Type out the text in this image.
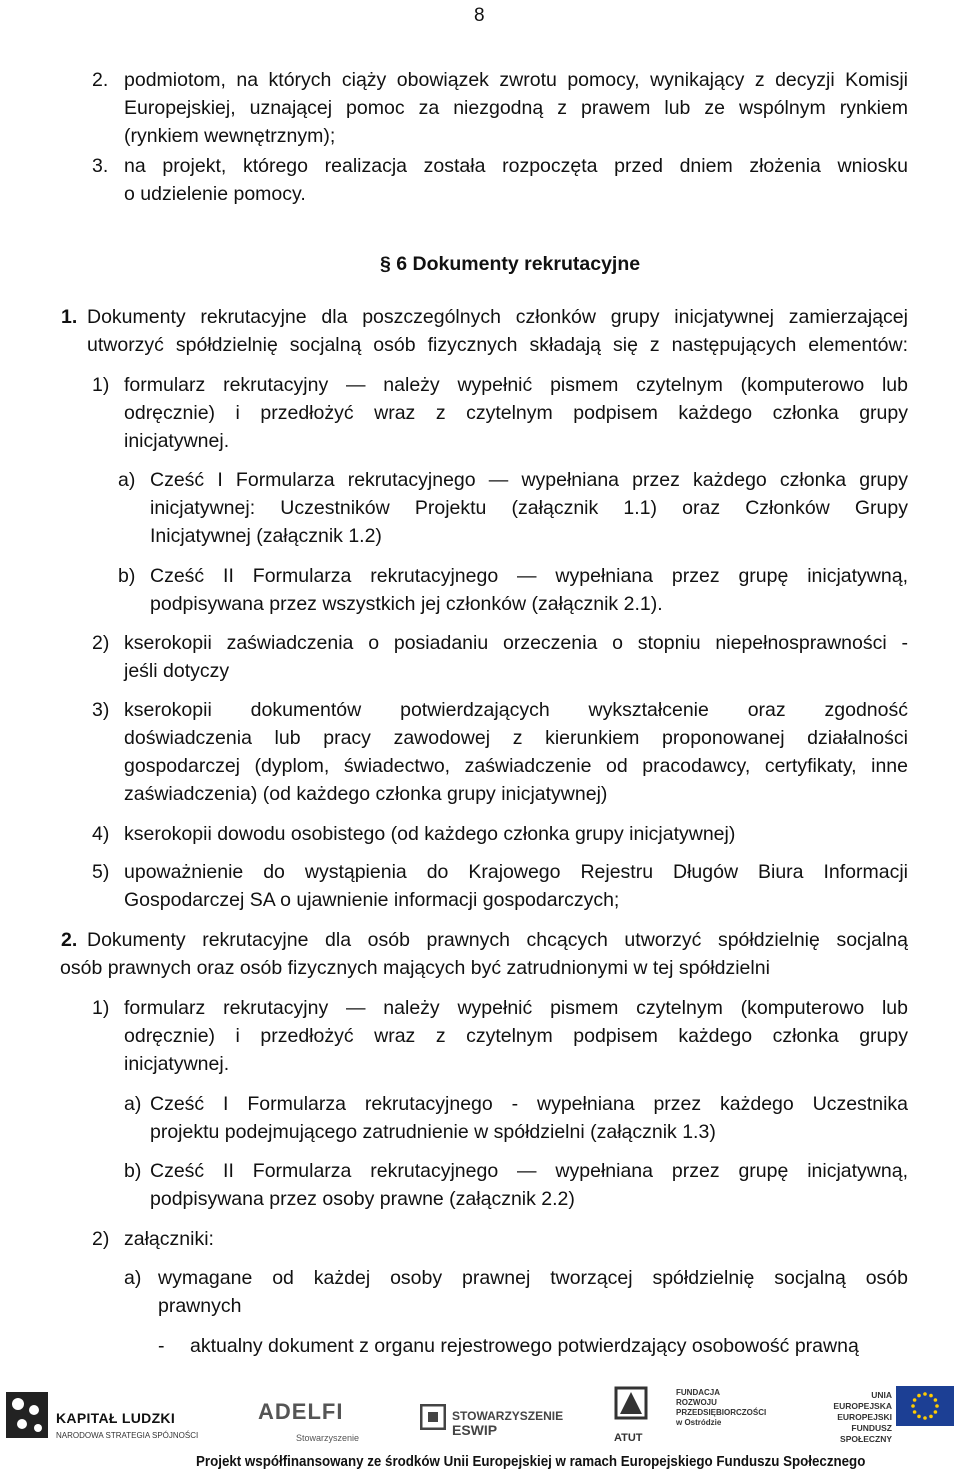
8
2. podmiotom, na których ciąży obowiązek zwrotu pomocy, wynikający z decyzji Komisji
Europejskiej, uznającej pomoc za niezgodną z prawem lub ze wspólnym rynkiem
(rynkiem wewnętrznym);
3. na projekt, którego realizacja została rozpoczęta przed dniem złożenia wniosku
o udzielenie pomocy.
§ 6 Dokumenty rekrutacyjne
1. Dokumenty rekrutacyjne dla poszczególnych członków grupy inicjatywnej zamierzającej
utworzyć spółdzielnię socjalną osób fizycznych składają się z następujących elementów:
1) formularz rekrutacyjny — należy wypełnić pismem czytelnym (komputerowo lub
odręcznie) i przedłożyć wraz z czytelnym podpisem każdego członka grupy
inicjatywnej.
a) Cześć I Formularza rekrutacyjnego — wypełniana przez każdego członka grupy
inicjatywnej: Uczestników Projektu (załącznik 1.1) oraz Członków Grupy
Inicjatywnej (załącznik 1.2)
b) Cześć II Formularza rekrutacyjnego — wypełniana przez grupę inicjatywną,
podpisywana przez wszystkich jej członków (załącznik 2.1).
2) kserokopii zaświadczenia o posiadaniu orzeczenia o stopniu niepełnosprawności -
jeśli dotyczy
3) kserokopii dokumentów potwierdzających wykształcenie oraz zgodność
doświadczenia lub pracy zawodowej z kierunkiem proponowanej działalności
gospodarczej (dyplom, świadectwo, zaświadczenie od pracodawcy, certyfikaty, inne
zaświadczenia) (od każdego członka grupy inicjatywnej)
4) kserokopii dowodu osobistego (od każdego członka grupy inicjatywnej)
5) upoważnienie do wystąpienia do Krajowego Rejestru Długów Biura Informacji
Gospodarczej SA o ujawnienie informacji gospodarczych;
2. Dokumenty rekrutacyjne dla osób prawnych chcących utworzyć spółdzielnię socjalną
osób prawnych oraz osób fizycznych mających być zatrudnionymi w tej spółdzielni
1) formularz rekrutacyjny — należy wypełnić pismem czytelnym (komputerowo lub
odręcznie) i przedłożyć wraz z czytelnym podpisem każdego członka grupy
inicjatywnej.
a) Cześć I Formularza rekrutacyjnego - wypełniana przez każdego Uczestnika
projektu podejmującego zatrudnienie w spółdzielni (załącznik 1.3)
b) Cześć II Formularza rekrutacyjnego — wypełniana przez grupę inicjatywną,
podpisywana przez osoby prawne (załącznik 2.2)
2) załączniki:
a) wymagane od każdej osoby prawnej tworzącej spółdzielnię socjalną osób
prawnych
- aktualny dokument z organu rejestrowego potwierdzający osobowość prawną
KAPITAŁ LUDZKI
NARODOWA STRATEGIA SPÓJNOŚCI
ADELFI
Stowarzyszenie
STOWARZYSZENIE
ESWIP	ATUT
FUNDACJA
ROZWOJU
PRZEDSIĘBIORCZOŚCI
w Ostródzie
UNIA EUROPEJSKA
EUROPEJSKI
FUNDUSZ SPOŁECZNY
Projekt współfinansowany ze środków Unii Europejskiej w ramach Europejskiego Funduszu Społecznego
